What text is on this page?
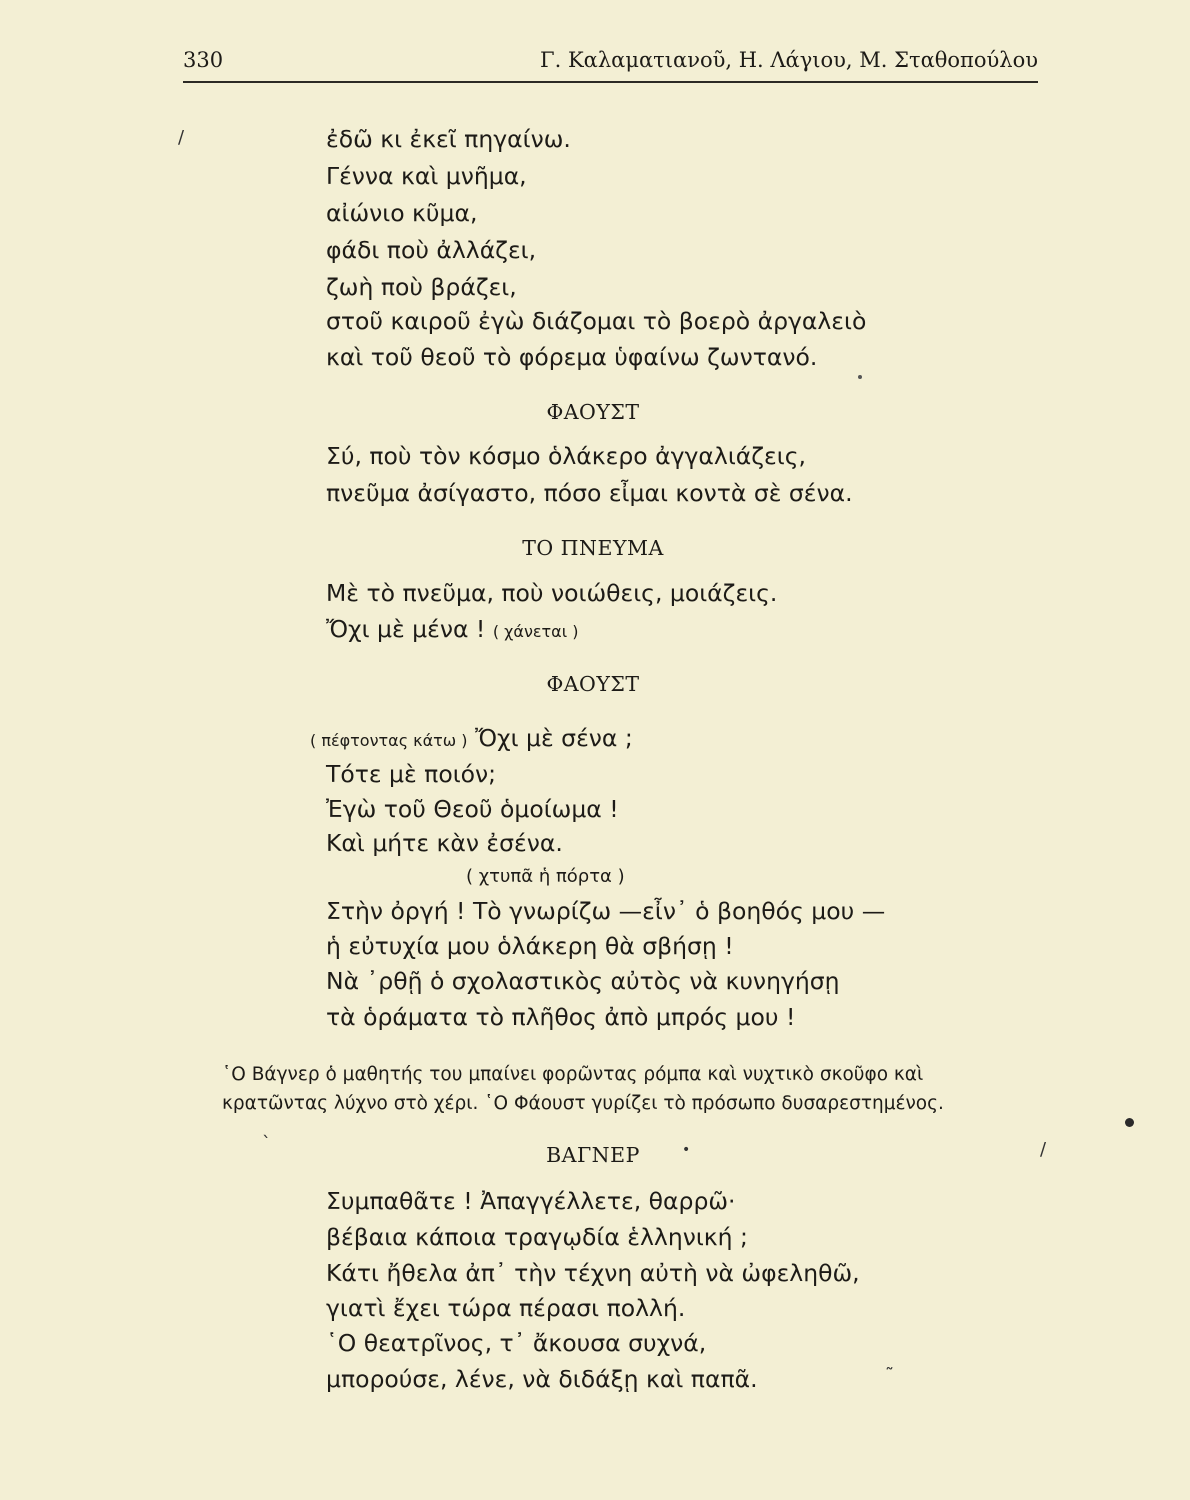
330	Γ. Καλαματιανοῦ, Η. Λάγιου, Μ. Σταθοπούλου
/	ἐδῶ κι ἐκεῖ πηγαίνω.
Γέννα καὶ μνῆμα,
αἰώνιο κῦμα,
φάδι ποὺ ἀλλάζει,
ζωὴ ποὺ βράζει,
στοῦ καιροῦ ἐγὼ διάζομαι τὸ βοερὸ ἀργαλειὸ
καὶ τοῦ θεοῦ τὸ φόρεμα ὑφαίνω ζωντανό.
ΦΑΟΥΣΤ
Σύ, ποὺ τὸν κόσμο ὁλάκερο ἀγγαλιάζεις,
πνεῦμα ἀσίγαστο, πόσο εἶμαι κοντὰ σὲ σένα.
ΤΟ ΠΝΕΥΜΑ
Μὲ τὸ πνεῦμα, ποὺ νοιώθεις, μοιάζεις.
Ὄχι μὲ μένα ! ( χάνεται )
ΦΑΟΥΣΤ
( πέφτοντας κάτω ) Ὄχι μὲ σένα ;
Τότε μὲ ποιόν;
Ἐγὼ τοῦ Θεοῦ ὁμοίωμα !
Καὶ μήτε κὰν ἐσένα.
( χτυπᾶ ἡ πόρτα )
Στὴν ὀργή ! Τὸ γνωρίζω —εἶν᾿ ὁ βοηθός μου —
ἡ εὐτυχία μου ὁλάκερη θὰ σβήσῃ !
Νὰ ᾿ρθῇ ὁ σχολαστικὸς αὐτὸς νὰ κυνηγήσῃ
τὰ ὁράματα τὸ πλῆθος ἀπὸ μπρός μου !
῾Ο Βάγνερ ὁ μαθητής του μπαίνει φορῶντας ρόμπα καὶ νυχτικὸ σκοῦφο καὶ
κρατῶντας λύχνο στὸ χέρι. ῾Ο Φάουστ γυρίζει τὸ πρόσωπο δυσαρεστημένος.
ˋ	/
ΒΑΓΝΕΡ	•
Συμπαθᾶτε ! Ἀπαγγέλλετε, θαρρῶ·
βέβαια κάποια τραγῳδία ἑλληνική ;
Κάτι ἤθελα ἀπ᾿ τὴν τέχνη αὐτὴ νὰ ὠφεληθῶ,
γιατὶ ἔχει τώρα πέρασι πολλή.
῾Ο θεατρῖνος, τ᾿ ἄκουσα συχνά,
μπορούσε, λένε, νὰ διδάξῃ καὶ παπᾶ.	˜
